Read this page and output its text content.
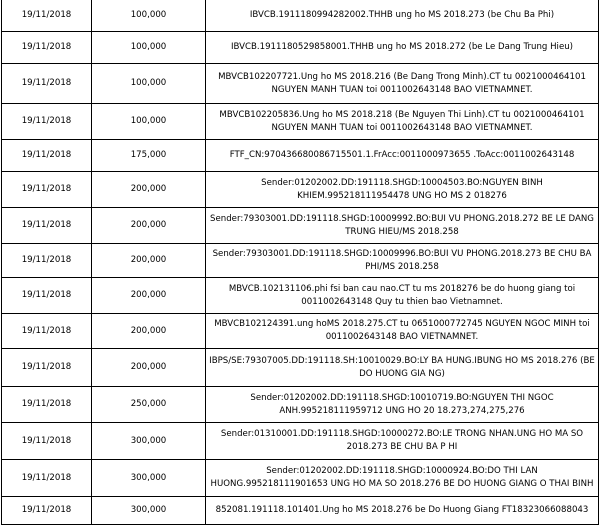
19/11/2018	100,000	IBVCB.1911180994282002.THHB ung ho MS 2018.273 (be Chu Ba Phi)
19/11/2018	100,000	IBVCB.1911180529858001.THHB ung ho MS 2018.272 (be Le Dang Trung Hieu)
19/11/2018	100,000	MBVCB102207721.Ung ho MS 2018.216 (Be Dang Trong Minh).CT tu 0021000464101 NGUYEN MANH TUAN toi 0011002643148 BAO VIETNAMNET.
19/11/2018	100,000	MBVCB102205836.Ung ho MS 2018.218 (Be Nguyen Thi Linh).CT tu 0021000464101 NGUYEN MANH TUAN toi 0011002643148 BAO VIETNAMNET.
19/11/2018	175,000	FTF_CN:970436680086715501.1.FrAcc:0011000973655 .ToAcc:0011002643148
19/11/2018	200,000	Sender:01202002.DD:191118.SHGD:10004503.BO:NGUYEN BINH KHIEM.995218111954478 UNG HO MS 2 018276
19/11/2018	200,000	Sender:79303001.DD:191118.SHGD:10009992.BO:BUI VU PHONG.2018.272 BE LE DANG TRUNG HIEU/MS 2018.258
19/11/2018	200,000	Sender:79303001.DD:191118.SHGD:10009996.BO:BUI VU PHONG.2018.273 BE CHU BA PHI/MS 2018.258
19/11/2018	200,000	MBVCB.102131106.phi fsi ban cau nao.CT tu ms 2018276 be do huong giang toi 0011002643148 Quy tu thien bao Vietnamnet.
19/11/2018	200,000	MBVCB102124391.ung hoMS 2018.275.CT tu 0651000772745 NGUYEN NGOC MINH toi 0011002643148 BAO VIETNAMNET.
19/11/2018	200,000	IBPS/SE:79307005.DD:191118.SH:10010029.BO:LY BA HUNG.IBUNG HO MS 2018.276 (BE DO HUONG GIA NG)
19/11/2018	250,000	Sender:01202002.DD:191118.SHGD:10010719.BO:NGUYEN THI NGOC ANH.995218111959712 UNG HO 20 18.273,274,275,276
19/11/2018	300,000	Sender:01310001.DD:191118.SHGD:10000272.BO:LE TRONG NHAN.UNG HO MA SO 2018.273 BE CHU BA P HI
19/11/2018	300,000	Sender:01202002.DD:191118.SHGD:10000924.BO:DO THI LAN HUONG.995218111901653 UNG HO MA SO 2018.276 BE DO HUONG GIANG O THAI BINH
19/11/2018	300,000	852081.191118.101401.Ung ho MS 2018.276 be Do Huong Giang FT18323066088043
